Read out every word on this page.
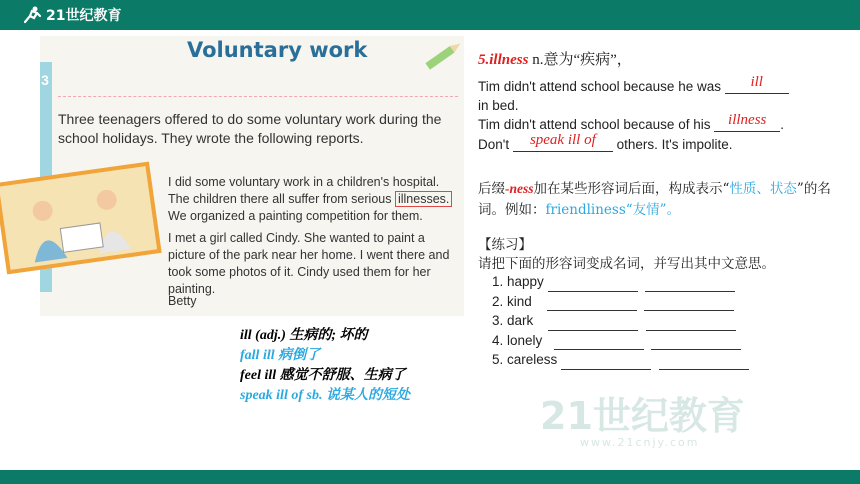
21世纪教育
21世纪教育
www.21cnjy.com
3
Voluntary work
Three teenagers offered to do some voluntary work during the school holidays. They wrote the following reports.

I did some voluntary work in a children's hospital. The children there all suffer from serious illnesses. We organized a painting competition for them.

I met a girl called Cindy. She wanted to paint a picture of the park near her home. I went there and took some photos of it. Cindy used them for her painting.

Betty
ill (adj.) 生病的; 坏的
fall ill 病倒了
feel ill 感觉不舒服、生病了
speak ill of sb. 说某人的短处
5.illness n.意为“疾病”，
Tim didn't attend school because he was	ill
in bed.
Tim didn't attend school because of his illness	.
Don't	speak ill of	others. It's impolite.
后缀-ness加在某些形容词后面，构成表示“性质、状态”的名词。例如：friendliness“友情”。
【练习】
请把下面的形容词变成名词，并写出其中文意思。
1. happy
2. kind
3. dark
4. lonely
5. careless
